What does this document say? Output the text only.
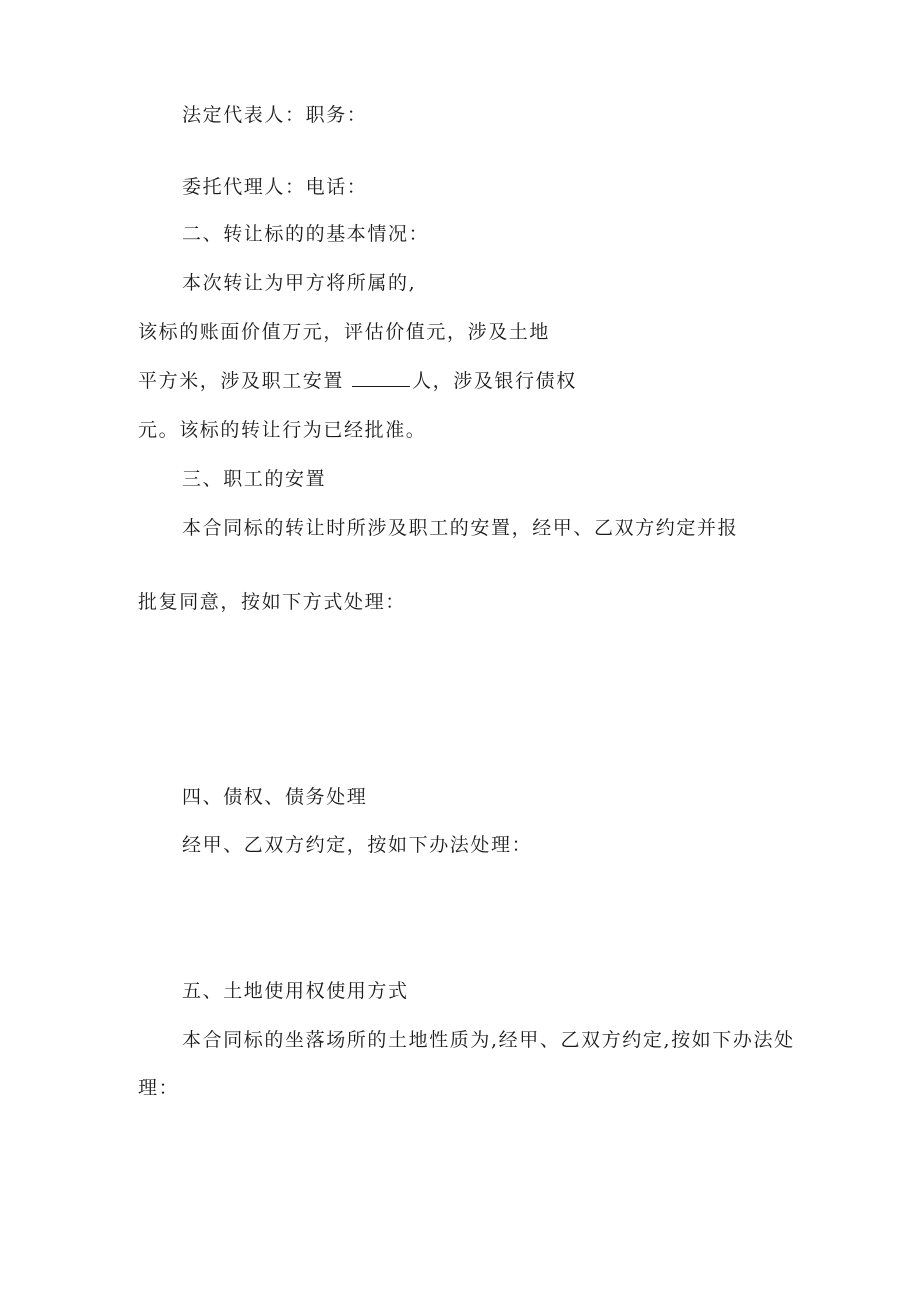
法定代表人：职务：
委托代理人：电话：
二、转让标的的基本情况：
本次转让为甲方将所属的,
该标的账面价值万元，评估价值元，涉及土地
平方米，涉及职工安置	人，涉及银行债权
元。该标的转让行为已经批准。
三、职工的安置
本合同标的转让时所涉及职工的安置，经甲、乙双方约定并报
批复同意，按如下方式处理：
四、债权、债务处理
经甲、乙双方约定，按如下办法处理：
五、土地使用权使用方式
本合同标的坐落场所的土地性质为,经甲、乙双方约定,按如下办法处
理：
